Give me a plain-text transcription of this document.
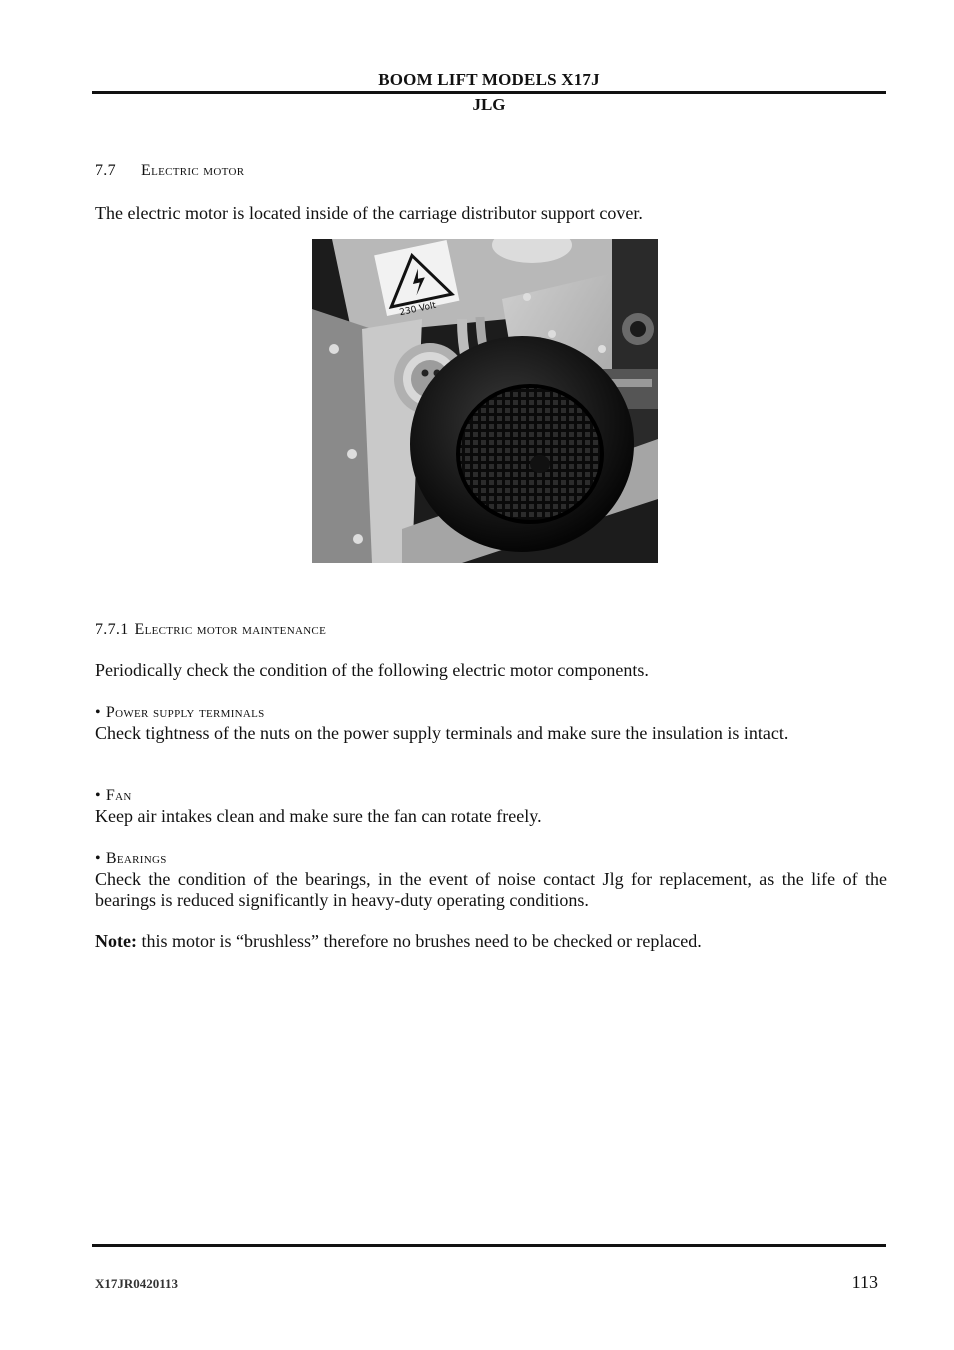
BOOM LIFT MODELS X17J
JLG
7.7 Electric motor
The electric motor is located inside of the carriage distributor support cover.
230 Volt
7.7.1 Electric motor maintenance
Periodically check the condition of the following electric motor components.
• Power supply terminals
Check tightness of the nuts on the power supply terminals and make sure the insulation is intact.
• Fan
Keep air intakes clean and make sure the fan can rotate freely.
• Bearings
Check the condition of the bearings, in the event of noise contact Jlg for replacement, as the life of the bearings is reduced significantly in heavy-duty operating conditions.
Note: this motor is “brushless” therefore no brushes need to be checked or replaced.
X17JR0420113	113
